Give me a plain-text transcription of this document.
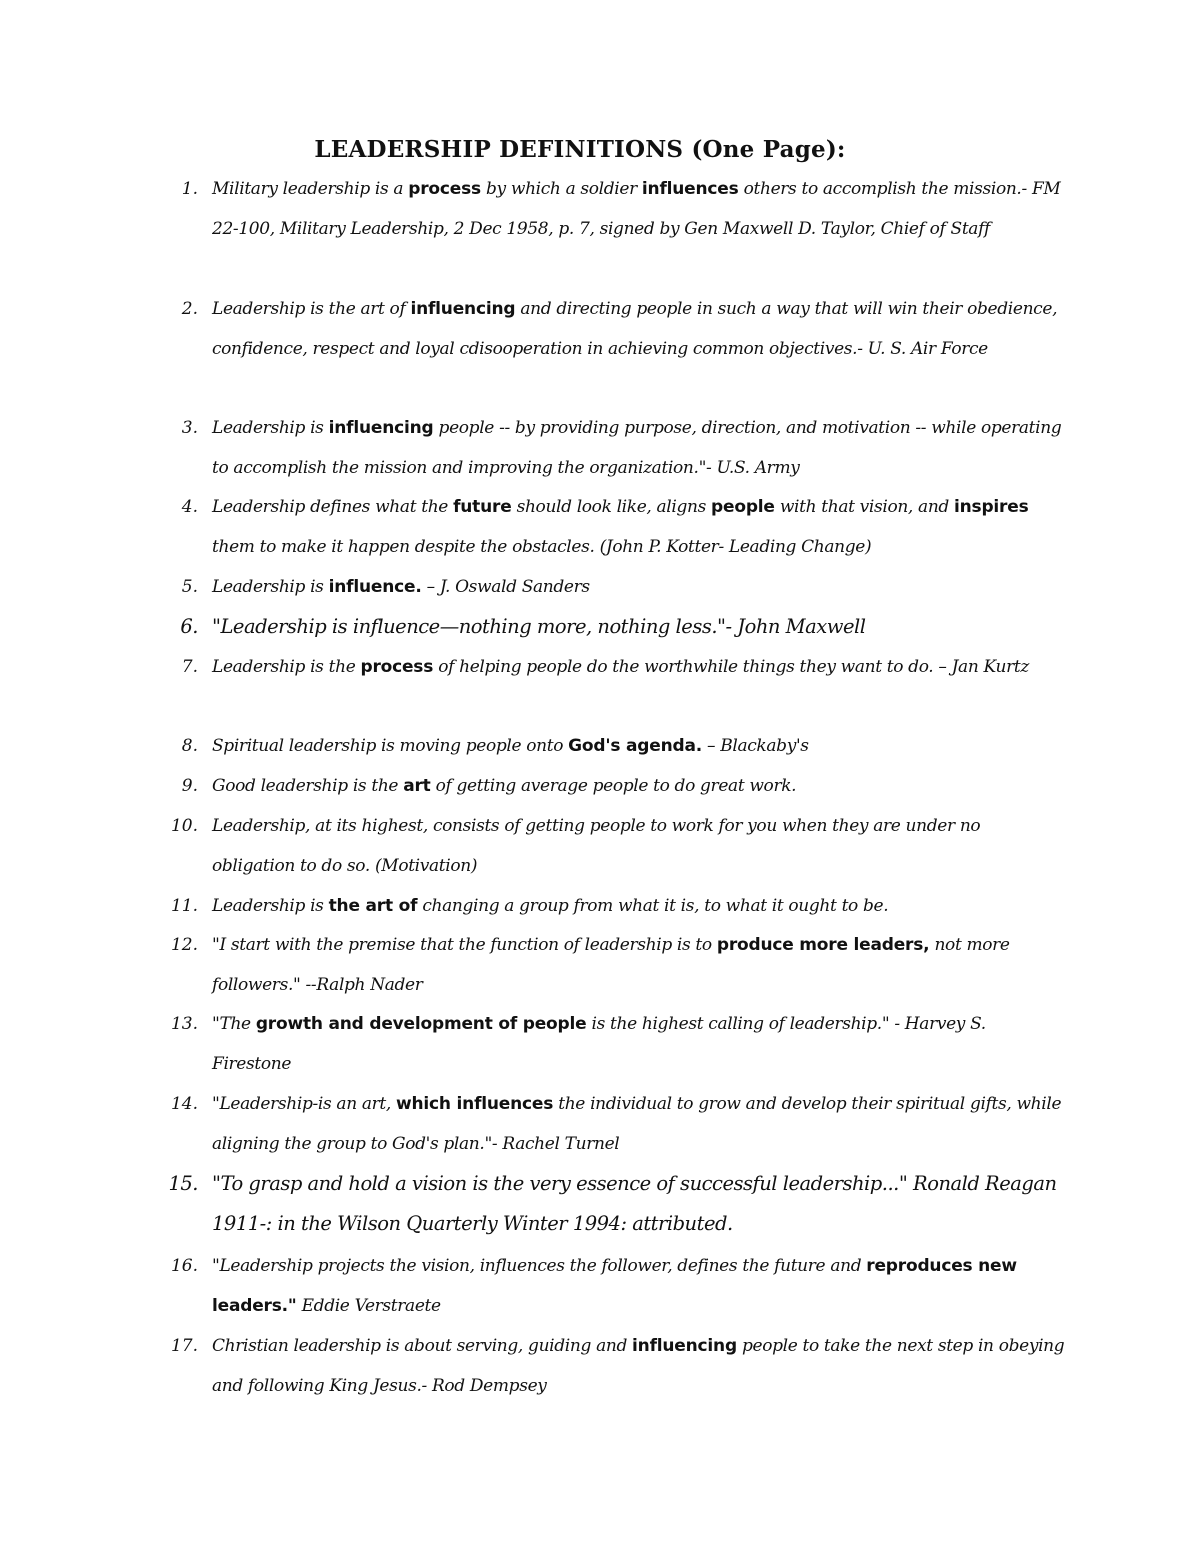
LEADERSHIP DEFINITIONS (One Page):
1. Military leadership is a process by which a soldier influences others to accomplish the mission.- FM 22-100, Military Leadership, 2 Dec 1958, p. 7, signed by Gen Maxwell D. Taylor, Chief of Staff
2. Leadership is the art of influencing and directing people in such a way that will win their obedience, confidence, respect and loyal cdisooperation in achieving common objectives.- U. S. Air Force
3. Leadership is influencing people -- by providing purpose, direction, and motivation -- while operating to accomplish the mission and improving the organization."- U.S. Army
4. Leadership defines what the future should look like, aligns people with that vision, and inspires them to make it happen despite the obstacles. (John P. Kotter- Leading Change)
5. Leadership is influence. – J. Oswald Sanders
6. "Leadership is influence—nothing more, nothing less."- John Maxwell
7. Leadership is the process of helping people do the worthwhile things they want to do. – Jan Kurtz
8. Spiritual leadership is moving people onto God's agenda. – Blackaby's
9. Good leadership is the art of getting average people to do great work.
10. Leadership, at its highest, consists of getting people to work for you when they are under no obligation to do so. (Motivation)
11. Leadership is the art of changing a group from what it is, to what it ought to be.
12. "I start with the premise that the function of leadership is to produce more leaders, not more followers." --Ralph Nader
13. "The growth and development of people is the highest calling of leadership." - Harvey S. Firestone
14. "Leadership-is an art, which influences the individual to grow and develop their spiritual gifts, while aligning the group to God's plan."- Rachel Turnel
15. "To grasp and hold a vision is the very essence of successful leadership..." Ronald Reagan 1911-: in the Wilson Quarterly Winter 1994: attributed.
16. "Leadership projects the vision, influences the follower, defines the future and reproduces new leaders." Eddie Verstraete
17. Christian leadership is about serving, guiding and influencing people to take the next step in obeying and following King Jesus.- Rod Dempsey
